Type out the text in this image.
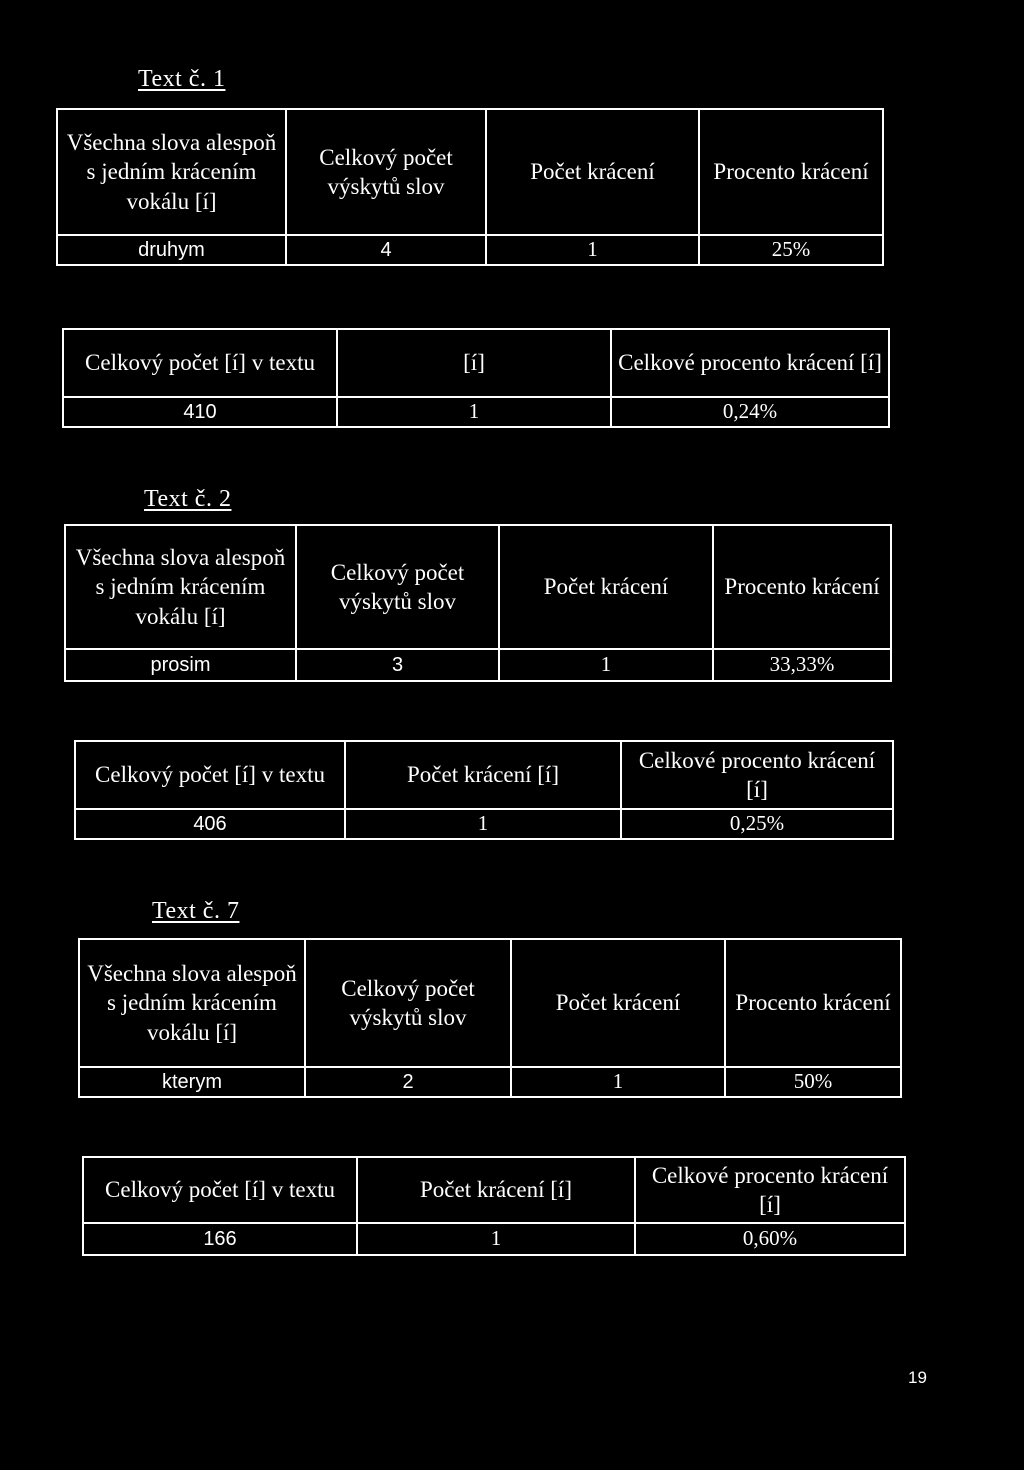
Text č. 1
Všechna slova alespoň s jedním krácením vokálu [í]	Celkový počet výskytů slov	Počet krácení	Procento krácení
druhym	4	1	25%
Celkový počet [í] v textu	[í]	Celkové procento krácení [í]
410	1	0,24%
Text č. 2
Všechna slova alespoň s jedním krácením vokálu [í]	Celkový počet výskytů slov	Počet krácení	Procento krácení
prosim	3	1	33,33%
Celkový počet [í] v textu	Počet krácení [í]	Celkové procento krácení [í]
406	1	0,25%
Text č. 7
Všechna slova alespoň s jedním krácením vokálu [í]	Celkový počet výskytů slov	Počet krácení	Procento krácení
kterym	2	1	50%
Celkový počet [í] v textu	Počet krácení [í]	Celkové procento krácení [í]
166	1	0,60%
19
